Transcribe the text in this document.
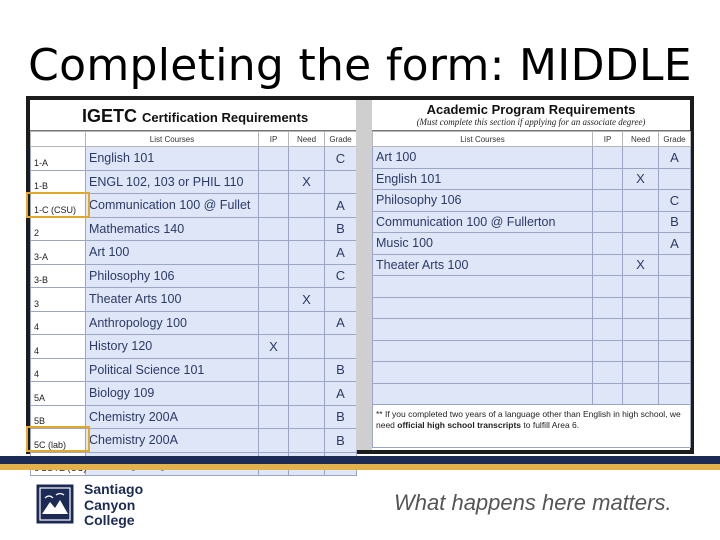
Completing the form: MIDDLE
IGETC Certification Requirements
	List Courses	IP	Need	Grade
1-A	English 101			C
1-B	ENGL 102, 103 or PHIL 110		X	
1-C (CSU)	Communication 100 @ Fullet			A
2	Mathematics 140			B
3-A	Art 100			A
3-B	Philosophy 106			C
3	Theater Arts 100		X	
4	Anthropology 100			A
4	History 120	X		
4	Political Science 101			B
5A	Biology 109			A
5B	Chemistry 200A			B
5C (lab)	Chemistry 200A			B

Academic Program Requirements
(Must complete this section if applying for an associate degree)
List Courses	IP	Need	Grade
Art 100			A
English 101		X	
Philosophy 106			C
Communication 100 @ Fullerton			B
Music 100			A
Theater Arts 100		X	

** If you completed two years of a language other than English in high school, we need official high school transcripts to fulfill Area 6.			
Santiago
Canyon
College
What happens here matters.
